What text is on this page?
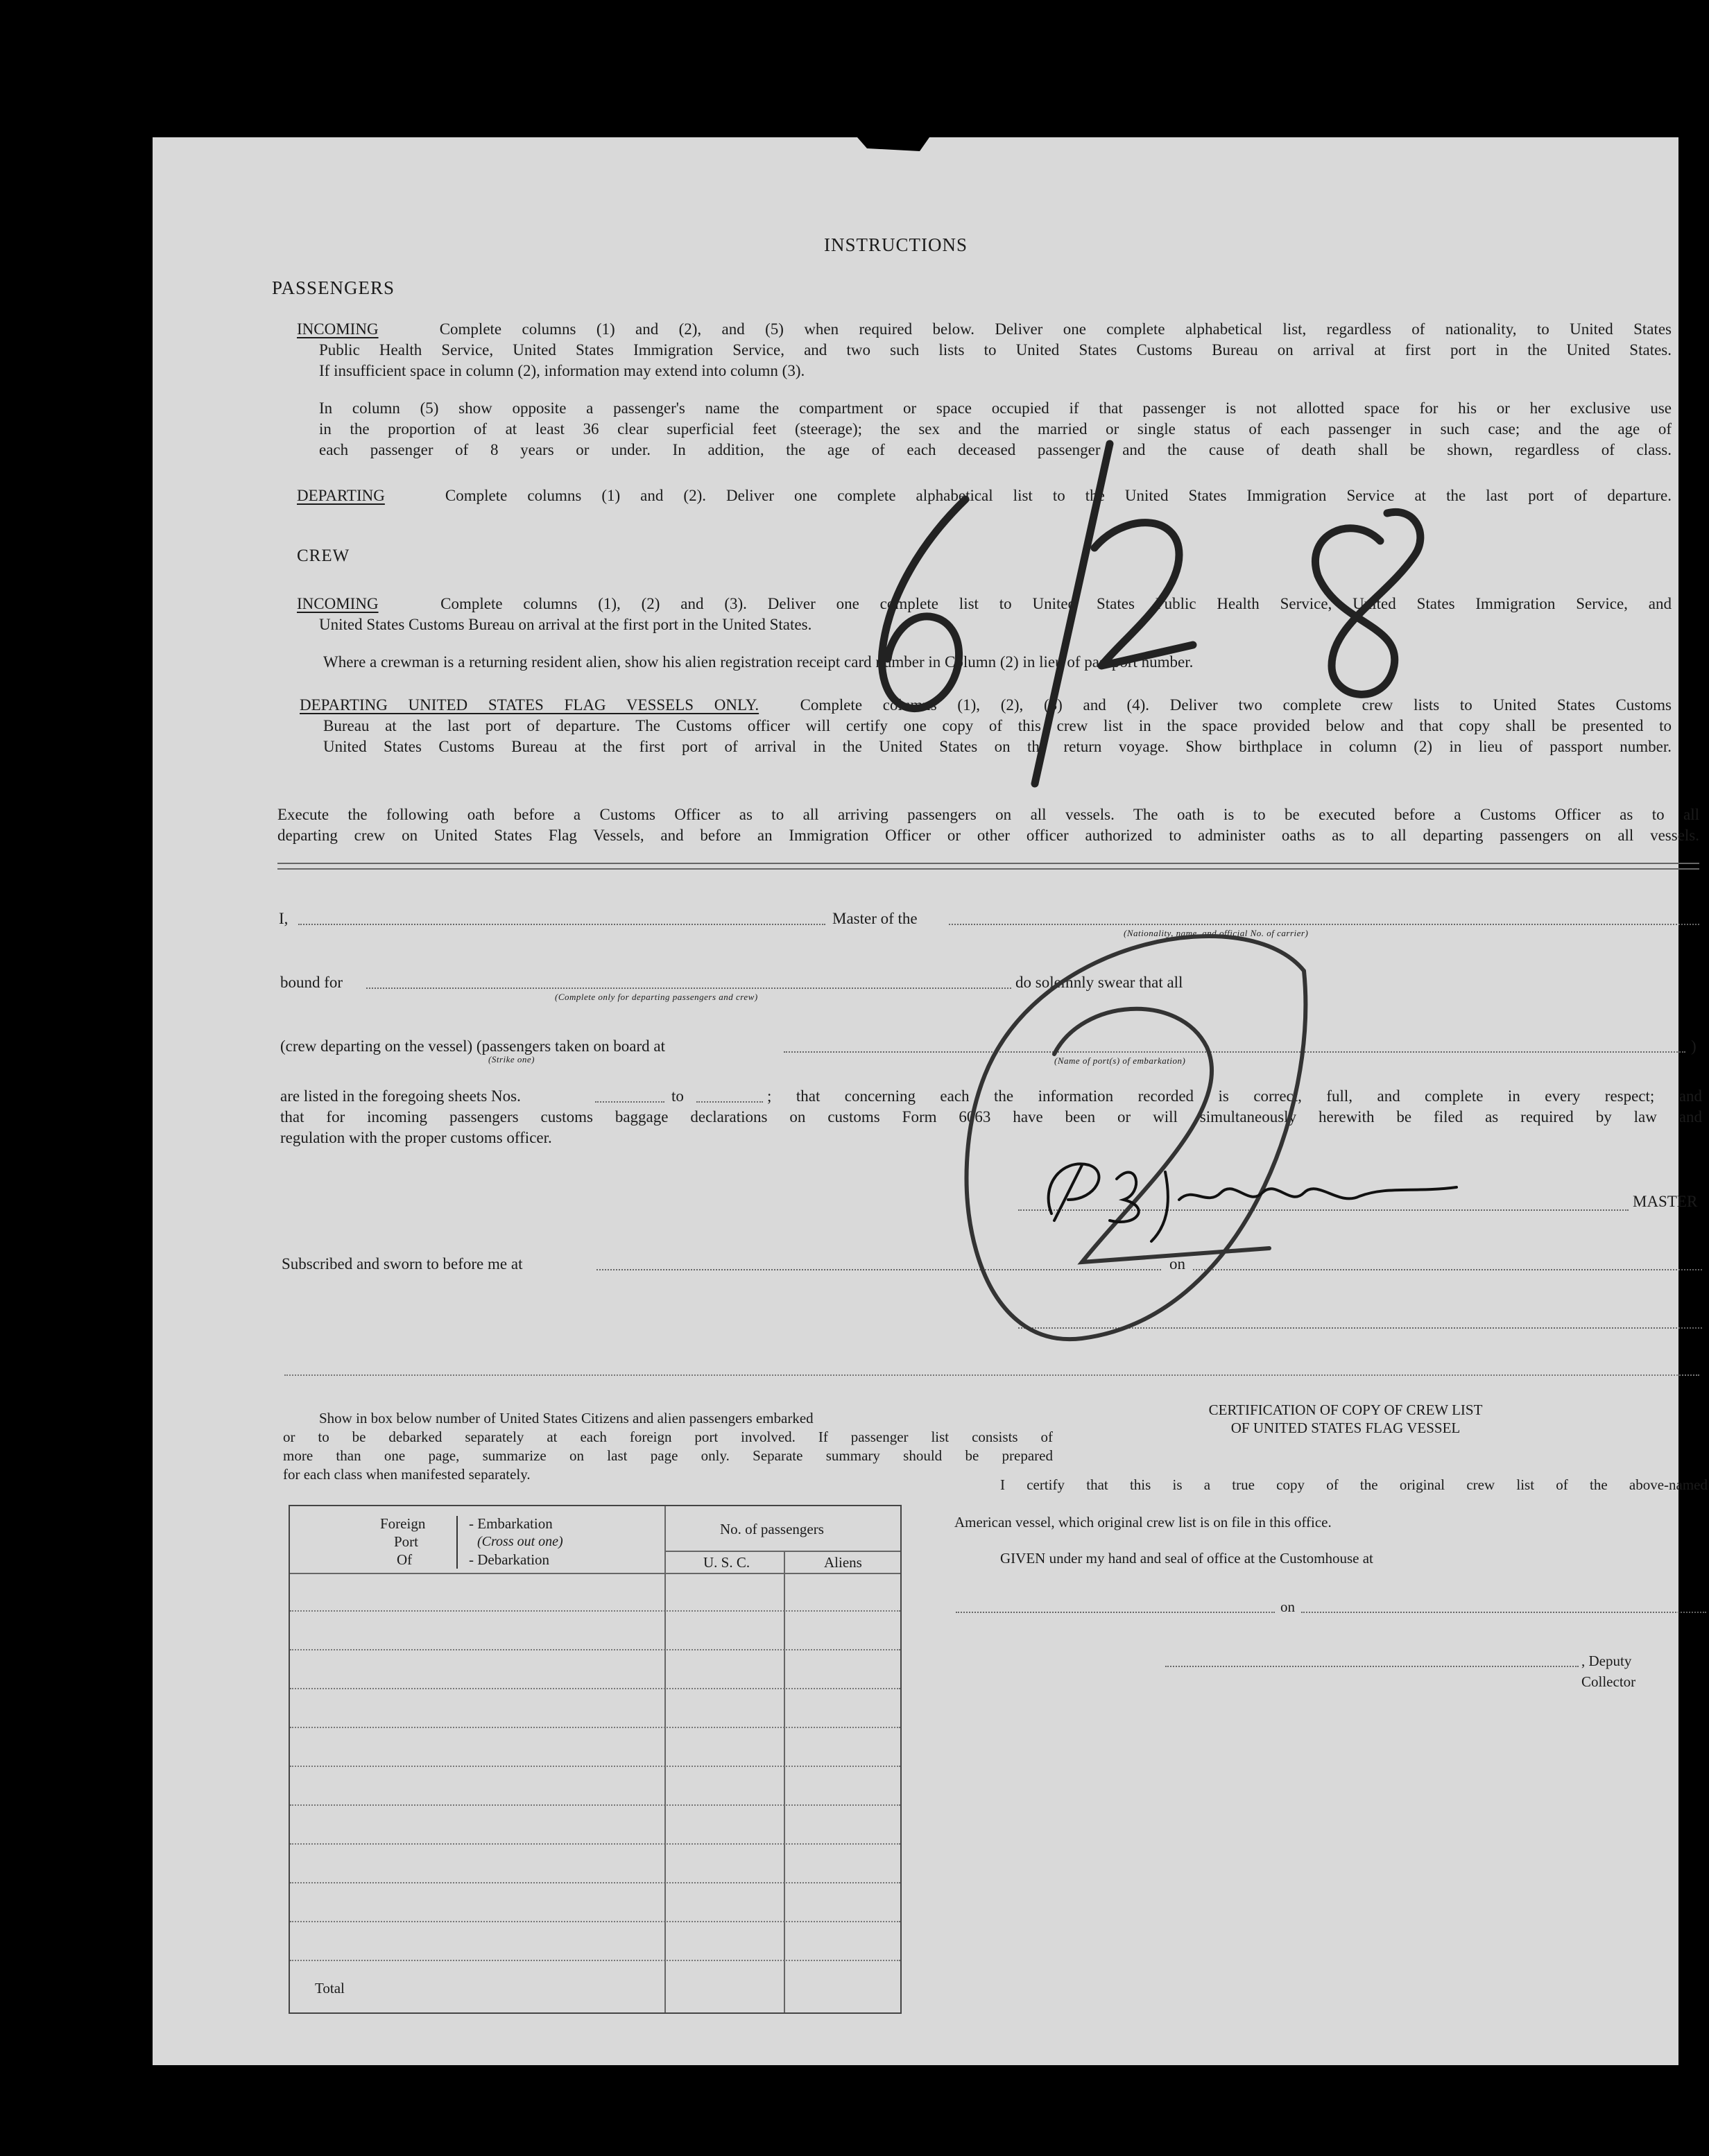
INSTRUCTIONS
PASSENGERS
INCOMING	Complete columns (1) and (2), and (5) when required below. Deliver one complete alphabetical list, regardless of nationality, to United States
Public Health Service, United States Immigration Service, and two such lists to United States Customs Bureau on arrival at first port in the United States.
If insufficient space in column (2), information may extend into column (3).
In column (5) show opposite a passenger's name the compartment or space occupied if that passenger is not allotted space for his or her exclusive use
in the proportion of at least 36 clear superficial feet (steerage); the sex and the married or single status of each passenger in such case; and the age of
each passenger of 8 years or under. In addition, the age of each deceased passenger and the cause of death shall be shown, regardless of class.
DEPARTING	Complete columns (1) and (2). Deliver one complete alphabetical list to the United States Immigration Service at the last port of departure.
CREW
INCOMING	Complete columns (1), (2) and (3). Deliver one complete list to United States Public Health Service, United States Immigration Service, and
United States Customs Bureau on arrival at the first port in the United States.
Where a crewman is a returning resident alien, show his alien registration receipt card number in Column (2) in lieu of passport number.
DEPARTING UNITED STATES FLAG VESSELS ONLY.	Complete columns (1), (2), (3) and (4). Deliver two complete crew lists to United States Customs
Bureau at the last port of departure. The Customs officer will certify one copy of this crew list in the space provided below and that copy shall be presented to
United States Customs Bureau at the first port of arrival in the United States on the return voyage. Show birthplace in column (2) in lieu of passport number.
Execute the following oath before a Customs Officer as to all arriving passengers on all vessels. The oath is to be executed before a Customs Officer as to all
departing crew on United States Flag Vessels, and before an Immigration Officer or other officer authorized to administer oaths as to all departing passengers on all vessels.
I,	Master of the
(Nationality, name, and official No. of carrier)
bound for
(Complete only for departing passengers and crew)
do solemnly swear that all
(crew departing on the vessel) (passengers taken on board at
(Strike one)	(Name of port(s) of embarkation)
)
are listed in the foregoing sheets Nos.	to	; that concerning each the information recorded is correct, full, and complete in every respect; and
that for incoming passengers customs baggage declarations on customs Form 6063 have been or will simultaneously herewith be filed as required by law and
regulation with the proper customs officer.
MASTER
Subscribed and sworn to before me at	on
Show in box below number of United States Citizens and alien passengers embarked
or to be debarked separately at each foreign port involved. If passenger list consists of
more than one page, summarize on last page only. Separate summary should be prepared
for each class when manifested separately.
Foreign
Port
Of
- Embarkation
(Cross out one)
- Debarkation
No. of passengers
U. S. C.	Aliens
Total
CERTIFICATION OF COPY OF CREW LIST
OF UNITED STATES FLAG VESSEL
I certify that this is a true copy of the original crew list of the above-named
American vessel, which original crew list is on file in this office.
GIVEN under my hand and seal of office at the Customhouse at
on
, Deputy Collector
